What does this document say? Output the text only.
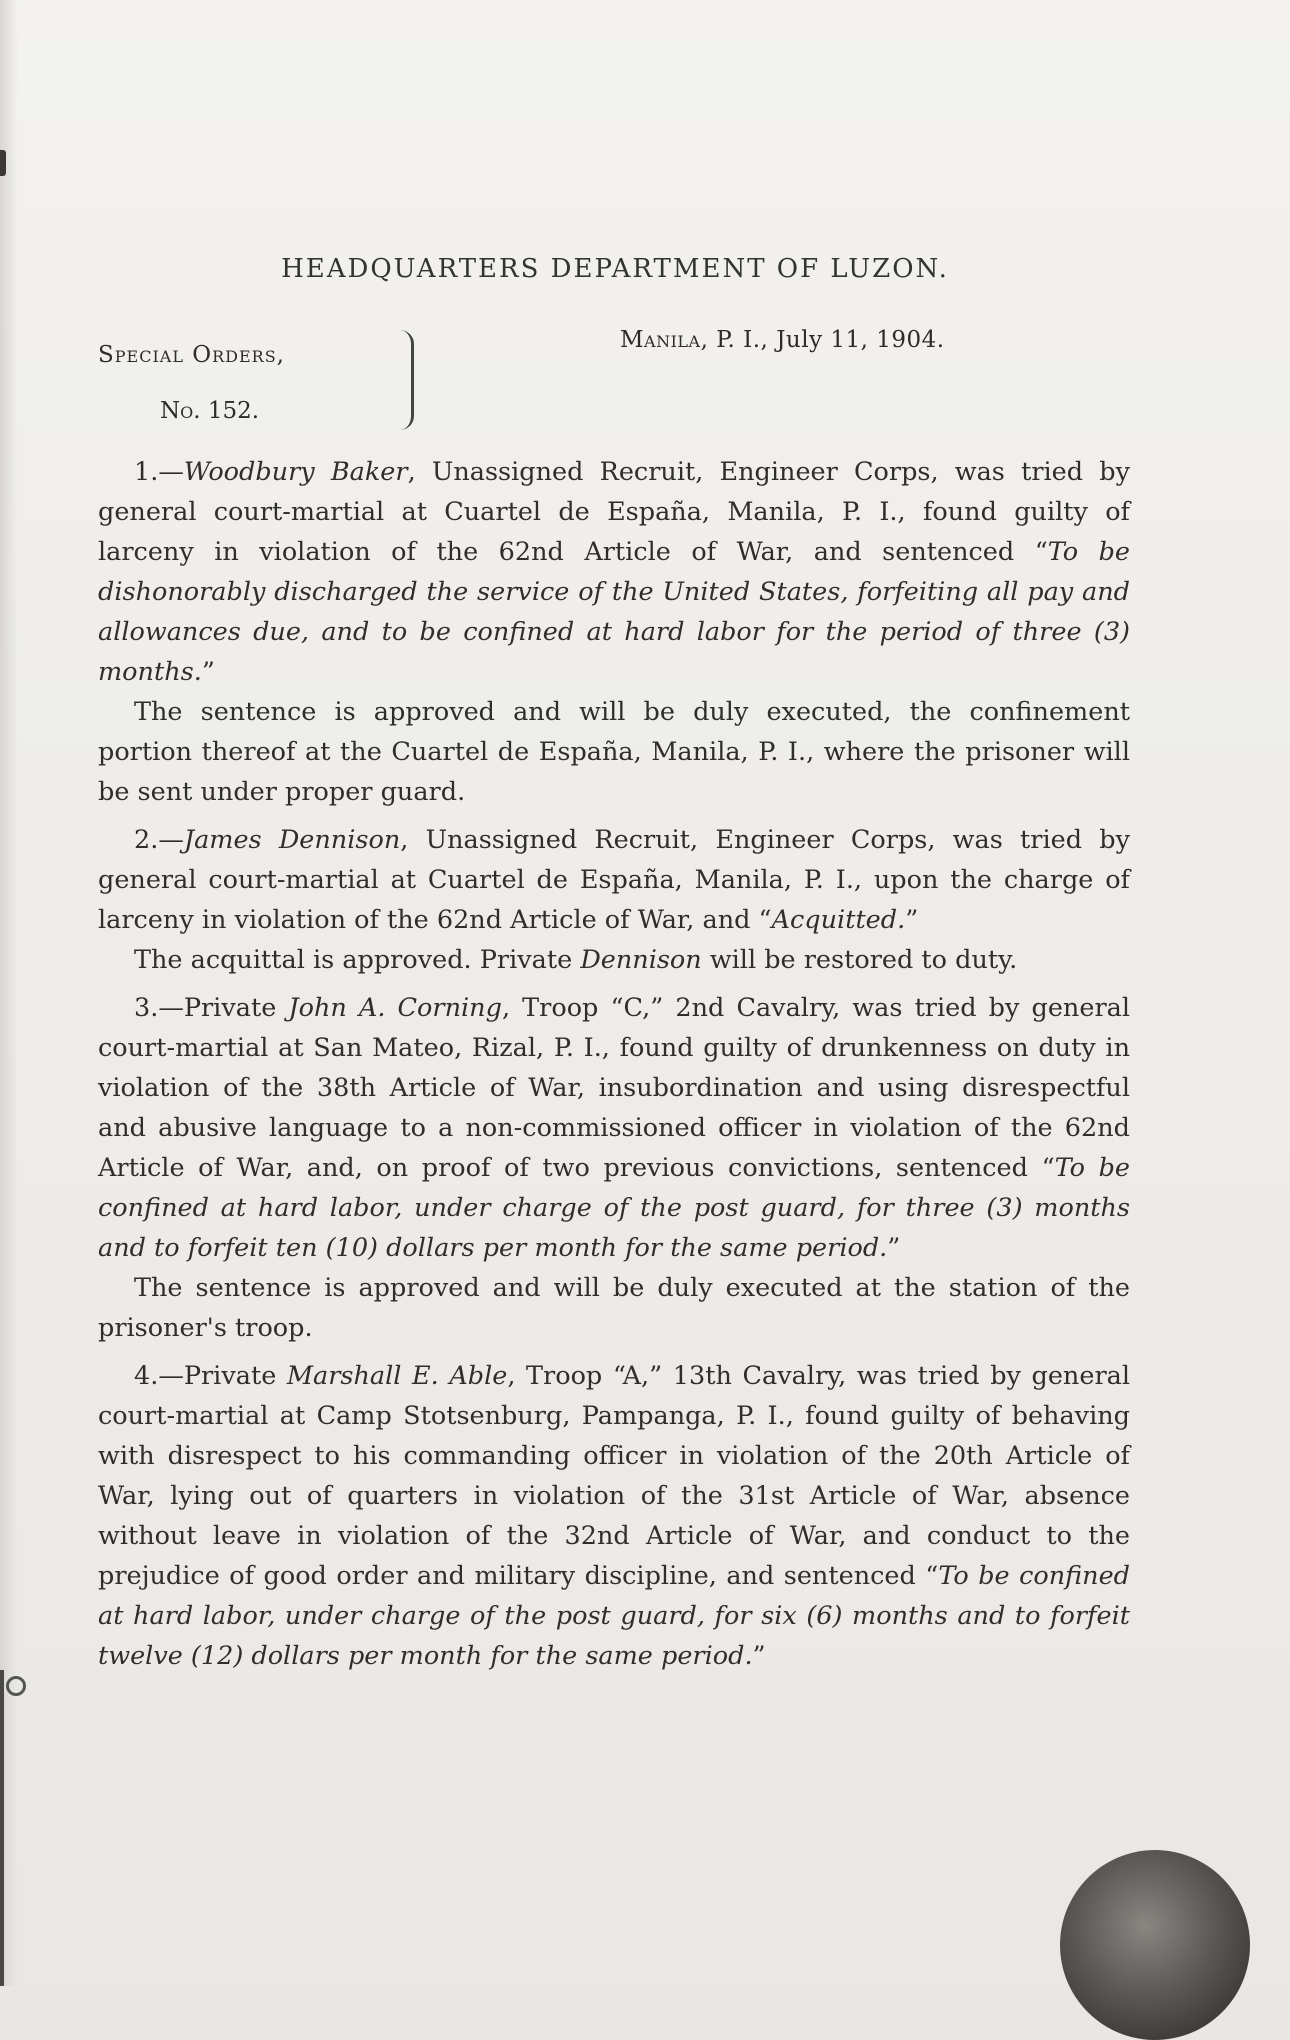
HEADQUARTERS DEPARTMENT OF LUZON.
Special Orders,
No. 152.
Manila, P. I., July 11, 1904.

1.—Woodbury Baker, Unassigned Recruit, Engineer Corps, was tried by general court-martial at Cuartel de España, Manila, P. I., found guilty of larceny in violation of the 62nd Article of War, and sentenced “To be dishonorably discharged the service of the United States, forfeiting all pay and allowances due, and to be confined at hard labor for the period of three (3) months.”

The sentence is approved and will be duly executed, the confinement portion thereof at the Cuartel de España, Manila, P. I., where the prisoner will be sent under proper guard.

2.—James Dennison, Unassigned Recruit, Engineer Corps, was tried by general court-martial at Cuartel de España, Manila, P. I., upon the charge of larceny in violation of the 62nd Article of War, and “Acquitted.”

The acquittal is approved. Private Dennison will be restored to duty.

3.—Private John A. Corning, Troop “C,” 2nd Cavalry, was tried by general court-martial at San Mateo, Rizal, P. I., found guilty of drunkenness on duty in violation of the 38th Article of War, insubordination and using disrespectful and abusive language to a non-commissioned officer in violation of the 62nd Article of War, and, on proof of two previous convictions, sentenced “To be confined at hard labor, under charge of the post guard, for three (3) months and to forfeit ten (10) dollars per month for the same period.”

The sentence is approved and will be duly executed at the station of the prisoner's troop.

4.—Private Marshall E. Able, Troop “A,” 13th Cavalry, was tried by general court-martial at Camp Stotsenburg, Pampanga, P. I., found guilty of behaving with disrespect to his commanding officer in violation of the 20th Article of War, lying out of quarters in violation of the 31st Article of War, absence without leave in violation of the 32nd Article of War, and conduct to the prejudice of good order and military discipline, and sentenced “To be confined at hard labor, under charge of the post guard, for six (6) months and to forfeit twelve (12) dollars per month for the same period.”
